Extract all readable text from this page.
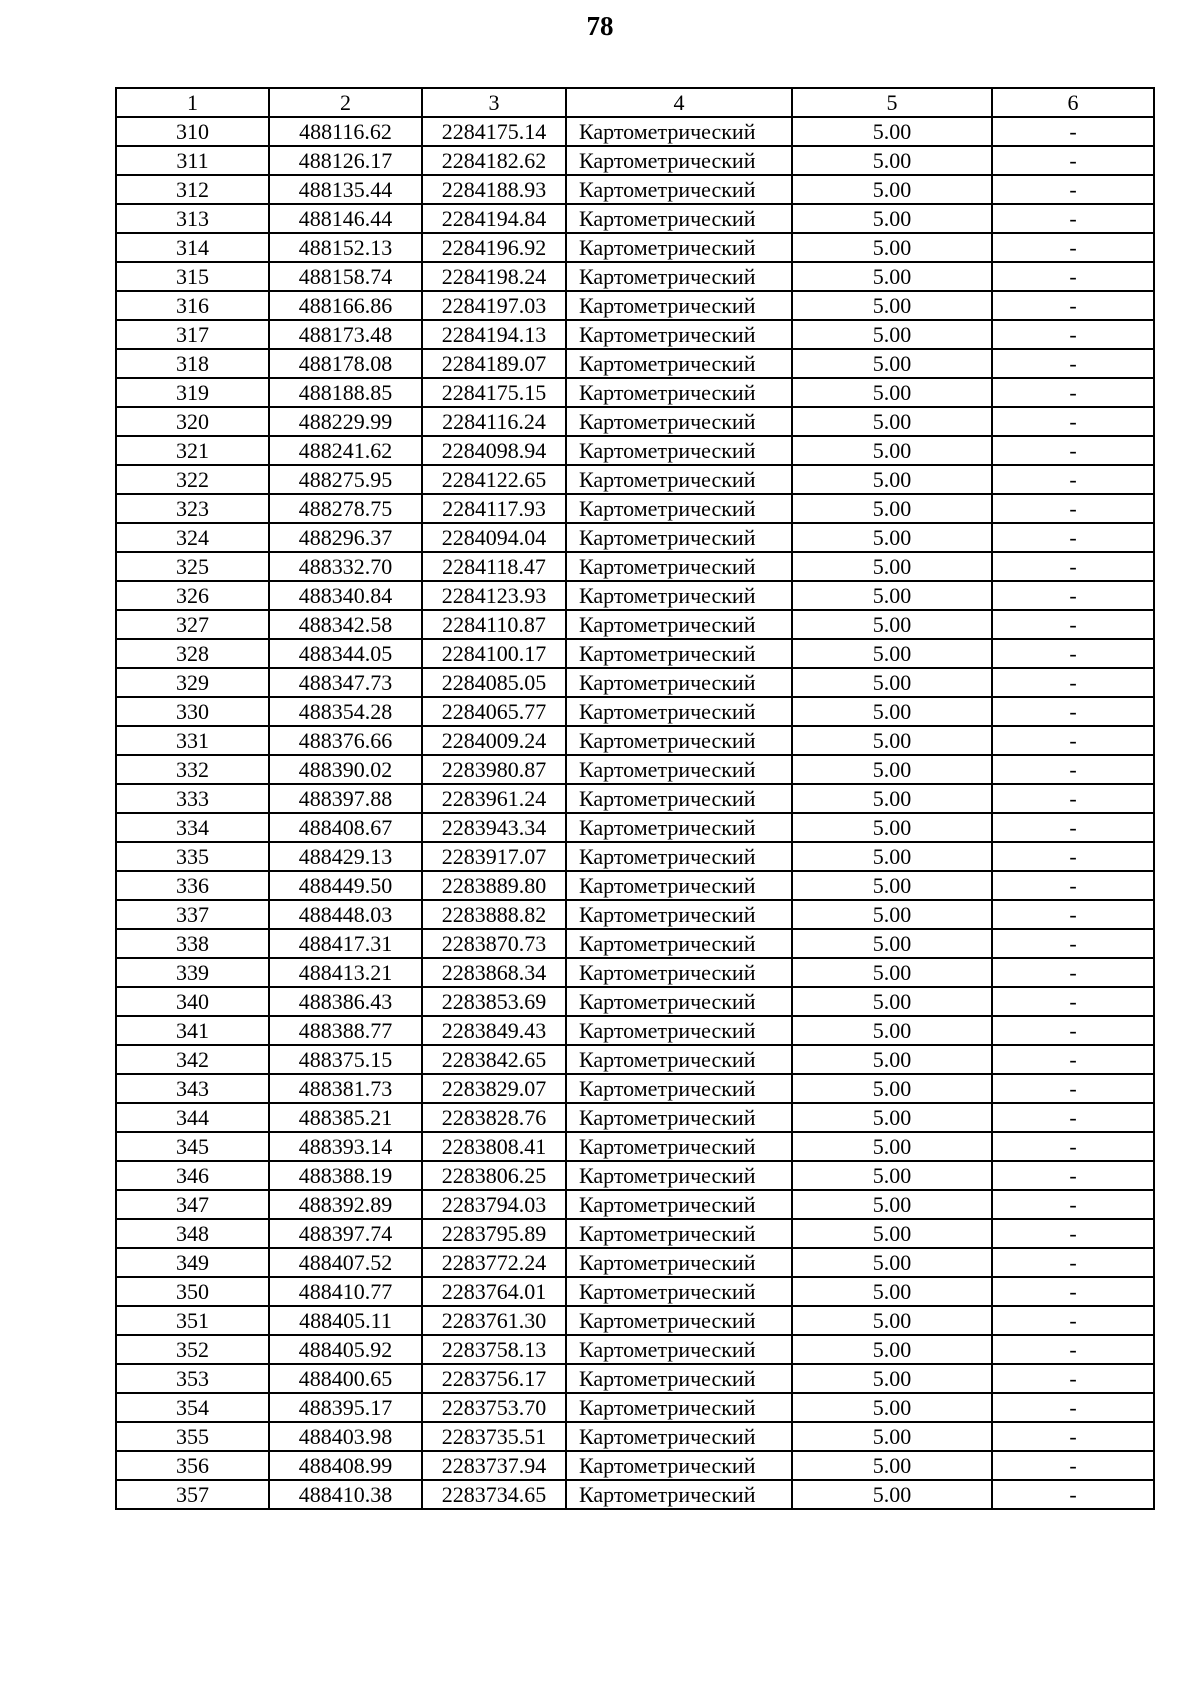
78
1	2	3	4	5	6
310	488116.62	2284175.14	Картометрический	5.00	-
311	488126.17	2284182.62	Картометрический	5.00	-
312	488135.44	2284188.93	Картометрический	5.00	-
313	488146.44	2284194.84	Картометрический	5.00	-
314	488152.13	2284196.92	Картометрический	5.00	-
315	488158.74	2284198.24	Картометрический	5.00	-
316	488166.86	2284197.03	Картометрический	5.00	-
317	488173.48	2284194.13	Картометрический	5.00	-
318	488178.08	2284189.07	Картометрический	5.00	-
319	488188.85	2284175.15	Картометрический	5.00	-
320	488229.99	2284116.24	Картометрический	5.00	-
321	488241.62	2284098.94	Картометрический	5.00	-
322	488275.95	2284122.65	Картометрический	5.00	-
323	488278.75	2284117.93	Картометрический	5.00	-
324	488296.37	2284094.04	Картометрический	5.00	-
325	488332.70	2284118.47	Картометрический	5.00	-
326	488340.84	2284123.93	Картометрический	5.00	-
327	488342.58	2284110.87	Картометрический	5.00	-
328	488344.05	2284100.17	Картометрический	5.00	-
329	488347.73	2284085.05	Картометрический	5.00	-
330	488354.28	2284065.77	Картометрический	5.00	-
331	488376.66	2284009.24	Картометрический	5.00	-
332	488390.02	2283980.87	Картометрический	5.00	-
333	488397.88	2283961.24	Картометрический	5.00	-
334	488408.67	2283943.34	Картометрический	5.00	-
335	488429.13	2283917.07	Картометрический	5.00	-
336	488449.50	2283889.80	Картометрический	5.00	-
337	488448.03	2283888.82	Картометрический	5.00	-
338	488417.31	2283870.73	Картометрический	5.00	-
339	488413.21	2283868.34	Картометрический	5.00	-
340	488386.43	2283853.69	Картометрический	5.00	-
341	488388.77	2283849.43	Картометрический	5.00	-
342	488375.15	2283842.65	Картометрический	5.00	-
343	488381.73	2283829.07	Картометрический	5.00	-
344	488385.21	2283828.76	Картометрический	5.00	-
345	488393.14	2283808.41	Картометрический	5.00	-
346	488388.19	2283806.25	Картометрический	5.00	-
347	488392.89	2283794.03	Картометрический	5.00	-
348	488397.74	2283795.89	Картометрический	5.00	-
349	488407.52	2283772.24	Картометрический	5.00	-
350	488410.77	2283764.01	Картометрический	5.00	-
351	488405.11	2283761.30	Картометрический	5.00	-
352	488405.92	2283758.13	Картометрический	5.00	-
353	488400.65	2283756.17	Картометрический	5.00	-
354	488395.17	2283753.70	Картометрический	5.00	-
355	488403.98	2283735.51	Картометрический	5.00	-
356	488408.99	2283737.94	Картометрический	5.00	-
357	488410.38	2283734.65	Картометрический	5.00	-
